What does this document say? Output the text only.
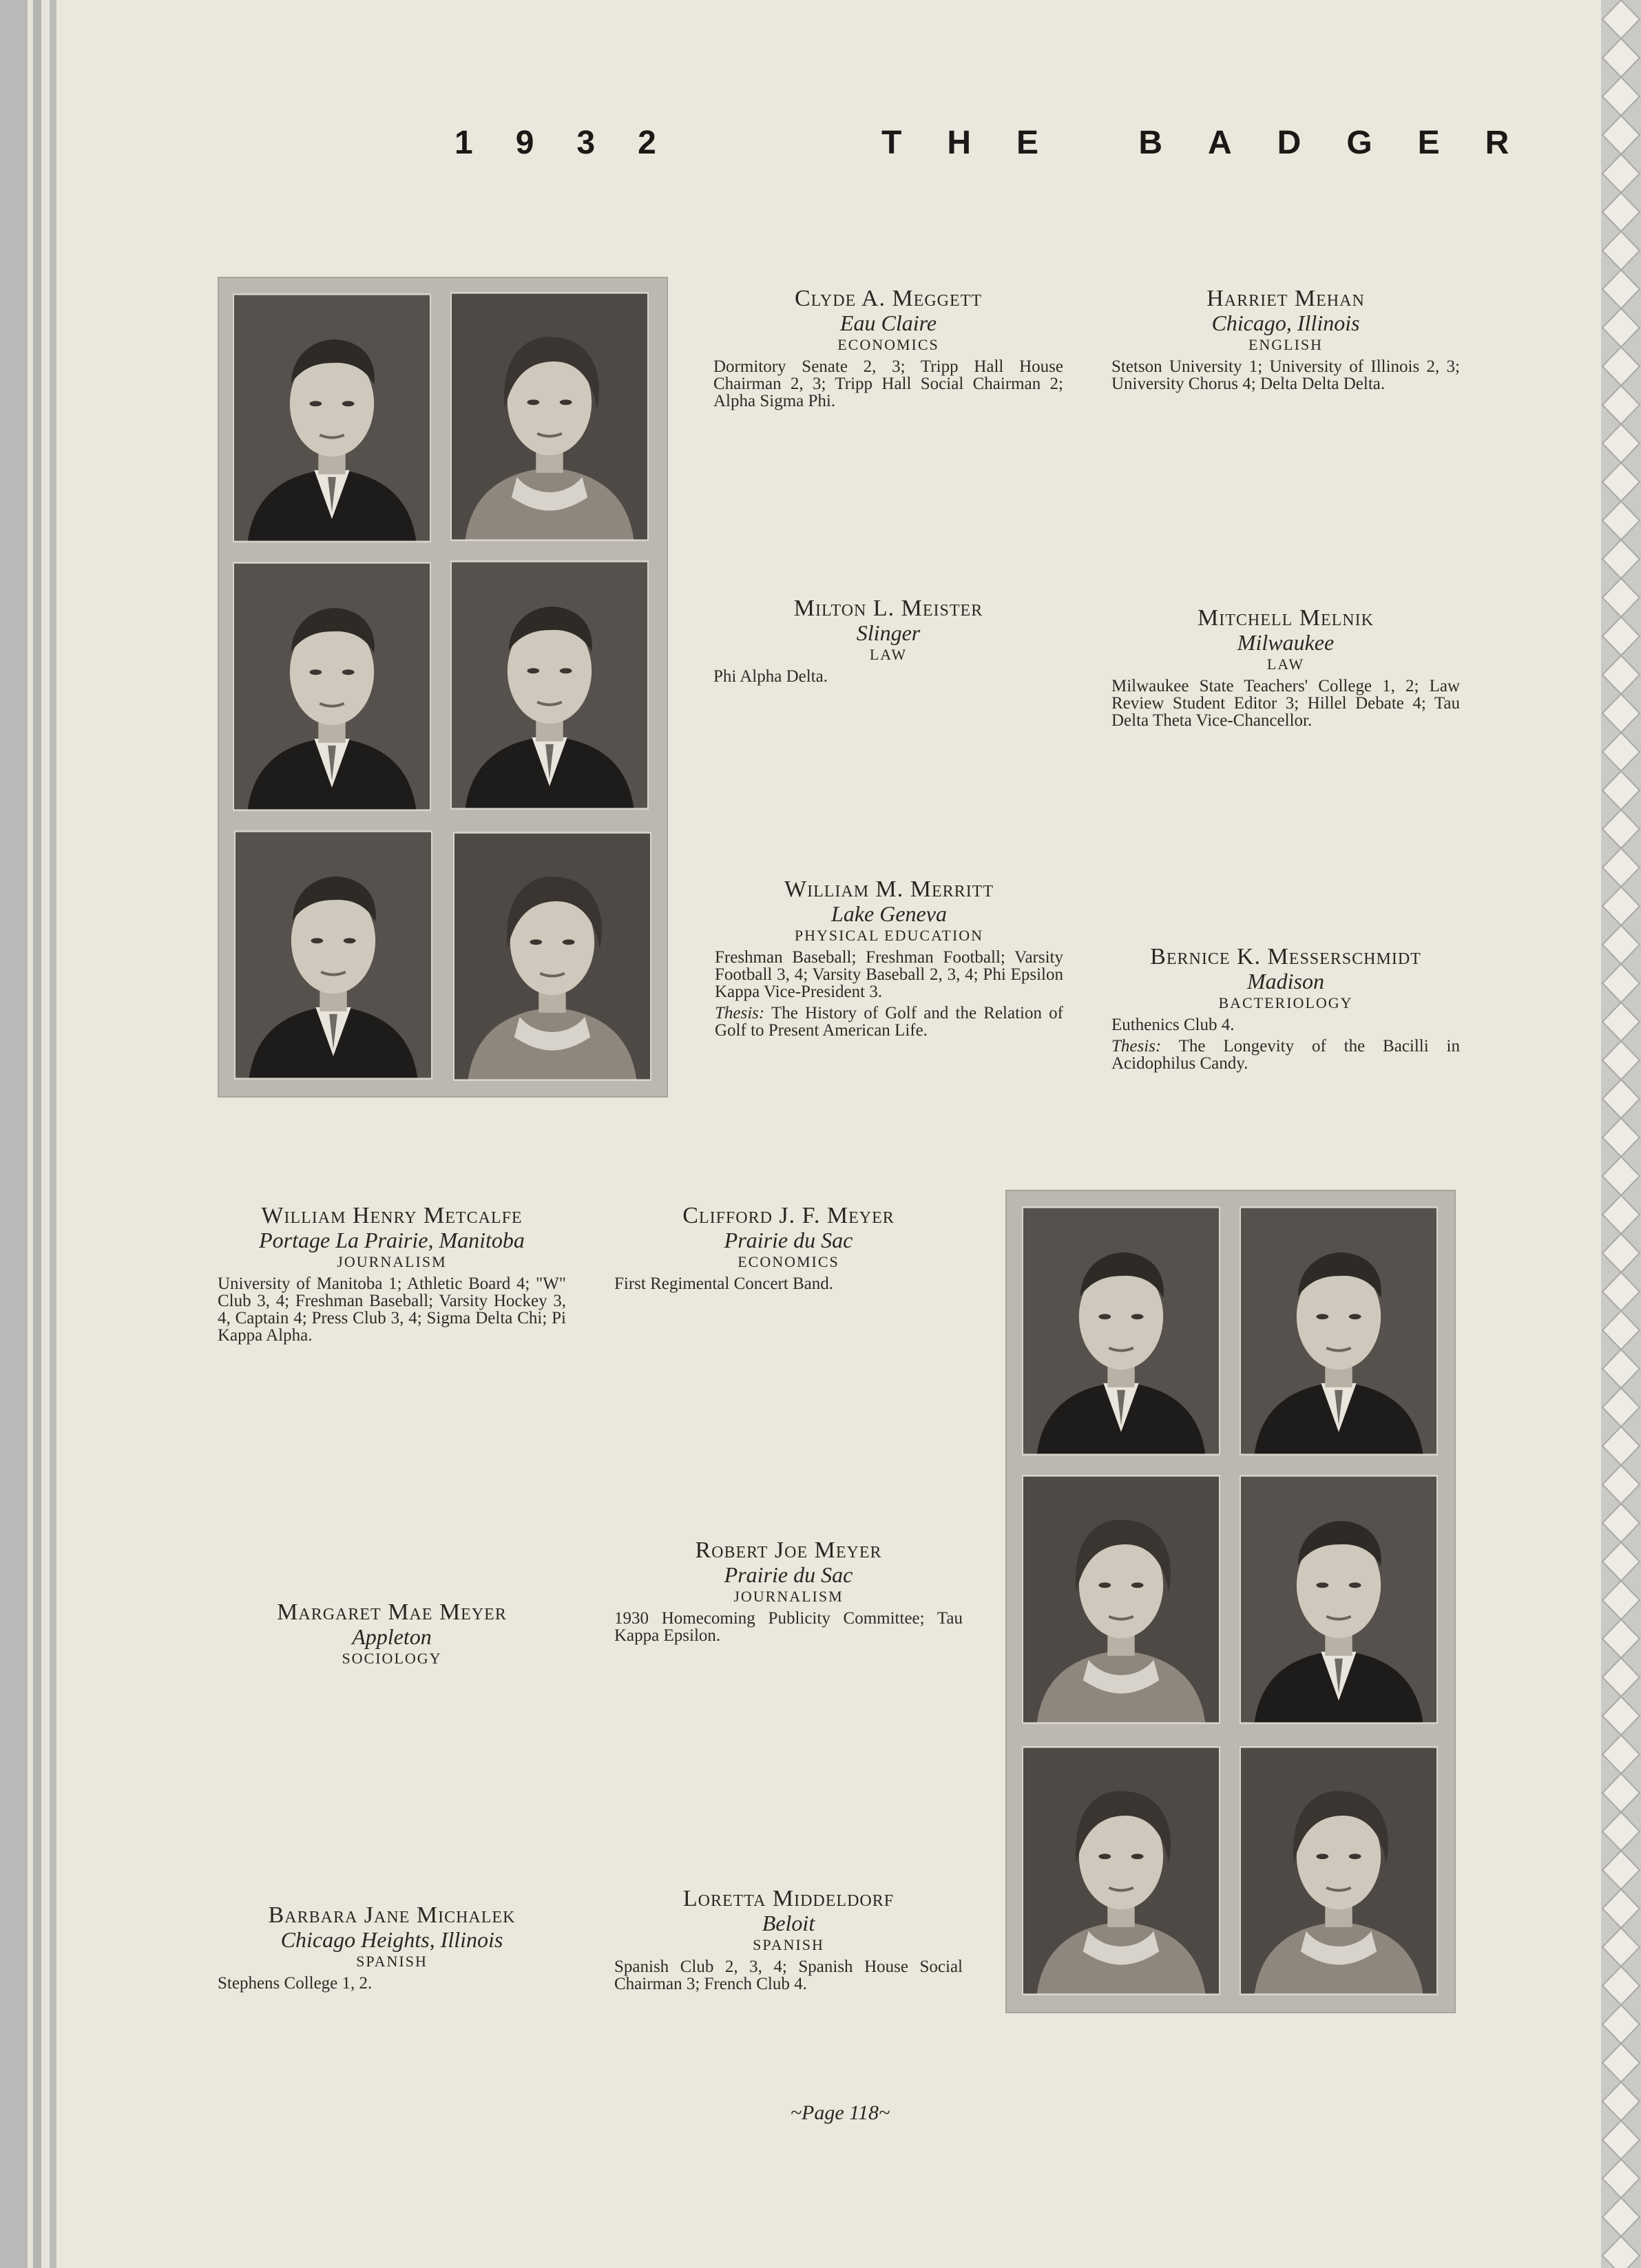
1932	THE BADGER
Clyde A. Meggett
Eau Claire
ECONOMICS
Dormitory Senate 2, 3; Tripp Hall House Chairman 2, 3; Tripp Hall Social Chairman 2; Alpha Sigma Phi.
Harriet Mehan
Chicago, Illinois
ENGLISH
Stetson University 1; University of Illinois 2, 3; University Chorus 4; Delta Delta Delta.
Milton L. Meister
Slinger
LAW
Phi Alpha Delta.
Mitchell Melnik
Milwaukee
LAW
Milwaukee State Teachers' College 1, 2; Law Review Student Editor 3; Hillel Debate 4; Tau Delta Theta Vice-Chancellor.
William M. Merritt
Lake Geneva
PHYSICAL EDUCATION
Freshman Baseball; Freshman Football; Varsity Football 3, 4; Varsity Baseball 2, 3, 4; Phi Epsilon Kappa Vice-President 3.
Thesis: The History of Golf and the Relation of Golf to Present American Life.
Bernice K. Messerschmidt
Madison
BACTERIOLOGY
Euthenics Club 4.
Thesis: The Longevity of the Bacilli in Acidophilus Candy.
William Henry Metcalfe
Portage La Prairie, Manitoba
JOURNALISM
University of Manitoba 1; Athletic Board 4; "W" Club 3, 4; Freshman Baseball; Varsity Hockey 3, 4, Captain 4; Press Club 3, 4; Sigma Delta Chi; Pi Kappa Alpha.
Clifford J. F. Meyer
Prairie du Sac
ECONOMICS
First Regimental Concert Band.
Margaret Mae Meyer
Appleton
SOCIOLOGY
Robert Joe Meyer
Prairie du Sac
JOURNALISM
1930 Homecoming Publicity Committee; Tau Kappa Epsilon.
Barbara Jane Michalek
Chicago Heights, Illinois
SPANISH
Stephens College 1, 2.
Loretta Middeldorf
Beloit
SPANISH
Spanish Club 2, 3, 4; Spanish House Social Chairman 3; French Club 4.
~Page 118~
